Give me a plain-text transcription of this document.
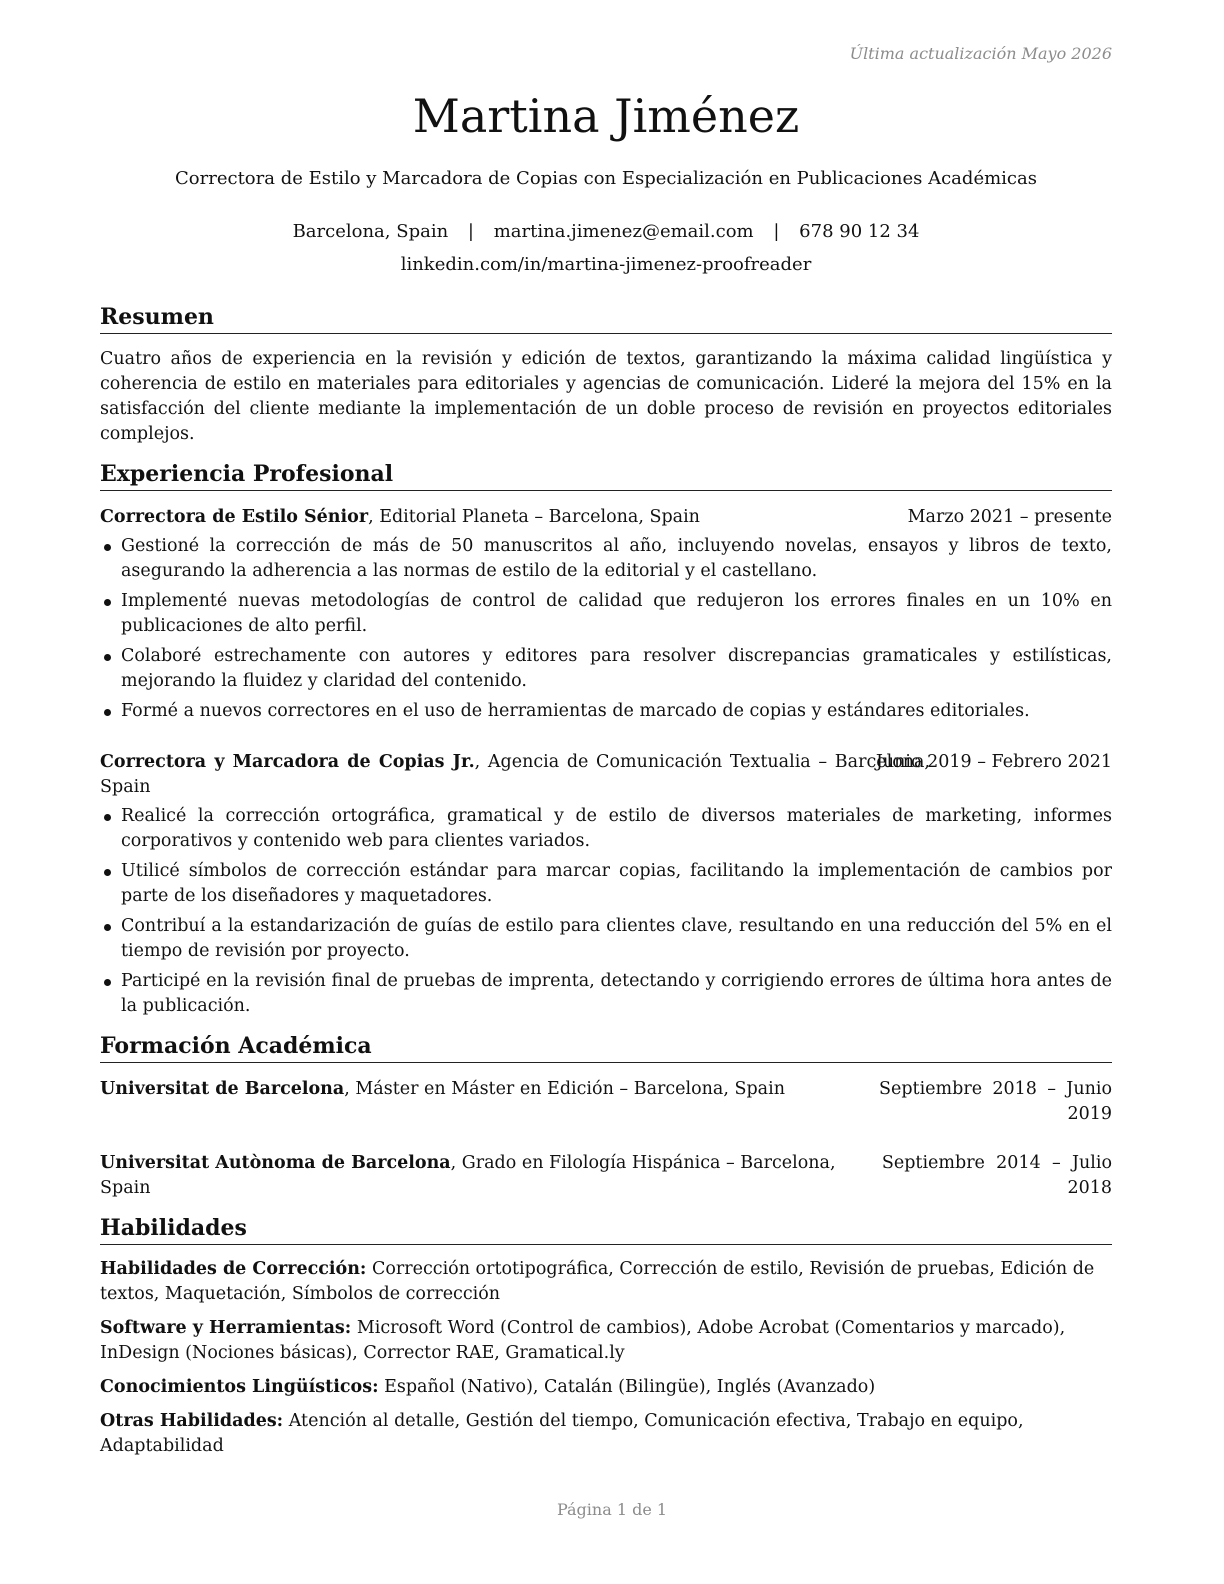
Última actualización Mayo 2026
Martina Jiménez
Correctora de Estilo y Marcadora de Copias con Especialización en Publicaciones Académicas
Barcelona, Spain | martina.jimenez@email.com | 678 90 12 34
linkedin.com/in/martina-jimenez-proofreader
Resumen

Cuatro años de experiencia en la revisión y edición de textos, garantizando la máxima calidad lingüística y coherencia de estilo en materiales para editoriales y agencias de comunicación. Lideré la mejora del 15% en la satisfacción del cliente mediante la implementación de un doble proceso de revisión en proyectos editoriales complejos.

Experiencia Profesional
Correctora de Estilo Sénior, Editorial Planeta – Barcelona, Spain	Marzo 2021 – presente
Gestioné la corrección de más de 50 manuscritos al año, incluyendo novelas, ensayos y libros de texto, asegurando la adherencia a las normas de estilo de la editorial y el castellano.
Implementé nuevas metodologías de control de calidad que redujeron los errores finales en un 10% en publicaciones de alto perfil.
Colaboré estrechamente con autores y editores para resolver discrepancias gramaticales y estilísticas, mejorando la fluidez y claridad del contenido.
Formé a nuevos correctores en el uso de herramientas de marcado de copias y estándares editoriales.
Correctora y Marcadora de Copias Jr., Agencia de Comunicación Textualia – Barcelona, Spain
Junio 2019 – Febrero 2021
Realicé la corrección ortográfica, gramatical y de estilo de diversos materiales de marketing, informes corporativos y contenido web para clientes variados.
Utilicé símbolos de corrección estándar para marcar copias, facilitando la implementación de cambios por parte de los diseñadores y maquetadores.
Contribuí a la estandarización de guías de estilo para clientes clave, resultando en una reducción del 5% en el tiempo de revisión por proyecto.
Participé en la revisión final de pruebas de imprenta, detectando y corrigiendo errores de última hora antes de la publicación.
Formación Académica
Universitat de Barcelona, Máster en Máster en Edición – Barcelona, Spain	Septiembre 2018 – Junio
2019
Universitat Autònoma de Barcelona, Grado en Filología Hispánica – Barcelona, Spain
Septiembre 2014 – Julio
2018
Habilidades
Habilidades de Corrección: Corrección ortotipográfica, Corrección de estilo, Revisión de pruebas, Edición de textos, Maquetación, Símbolos de corrección
Software y Herramientas: Microsoft Word (Control de cambios), Adobe Acrobat (Comentarios y marcado), InDesign (Nociones básicas), Corrector RAE, Gramatical.ly
Conocimientos Lingüísticos: Español (Nativo), Catalán (Bilingüe), Inglés (Avanzado)
Otras Habilidades: Atención al detalle, Gestión del tiempo, Comunicación efectiva, Trabajo en equipo, Adaptabilidad
Página 1 de 1
